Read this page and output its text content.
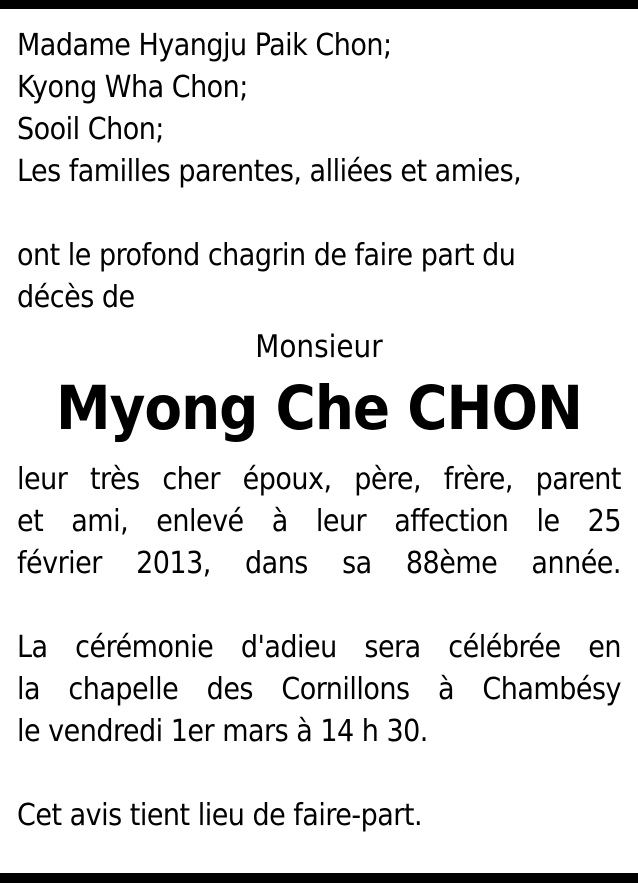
Madame Hyangju Paik Chon;
Kyong Wha Chon;
Sooil Chon;
Les familles parentes, alliées et amies,
ont le profond chagrin de faire part du
décès de
Monsieur
Myong Che CHON
leur très cher époux, père, frère, parent
et ami, enlevé à leur affection le 25
février 2013, dans sa 88ème année.
La cérémonie d'adieu sera célébrée en
la chapelle des Cornillons à Chambésy
le vendredi 1er mars à 14 h 30.
Cet avis tient lieu de faire-part.
